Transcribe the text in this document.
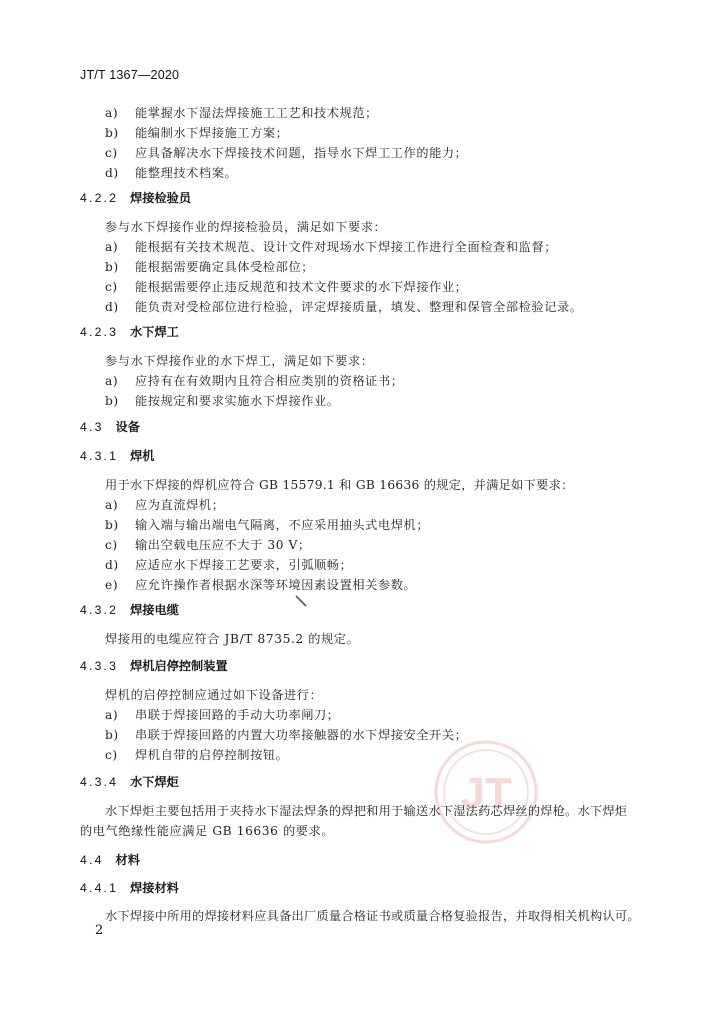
JT/T 1367—2020
a) 能掌握水下湿法焊接施工工艺和技术规范；
b) 能编制水下焊接施工方案；
c) 应具备解决水下焊接技术问题，指导水下焊工工作的能力；
d) 能整理技术档案。
4.2.2 焊接检验员
参与水下焊接作业的焊接检验员，满足如下要求：
a) 能根据有关技术规范、设计文件对现场水下焊接工作进行全面检查和监督；
b) 能根据需要确定具体受检部位；
c) 能根据需要停止违反规范和技术文件要求的水下焊接作业；
d) 能负责对受检部位进行检验，评定焊接质量，填发、整理和保管全部检验记录。
4.2.3 水下焊工
参与水下焊接作业的水下焊工，满足如下要求：
a) 应持有在有效期内且符合相应类别的资格证书；
b) 能按规定和要求实施水下焊接作业。
4.3 设备
4.3.1 焊机
用于水下焊接的焊机应符合 GB 15579.1 和 GB 16636 的规定，并满足如下要求：
a) 应为直流焊机；
b) 输入端与输出端电气隔离，不应采用抽头式电焊机；
c) 输出空载电压应不大于 30 V；
d) 应适应水下焊接工艺要求，引弧顺畅；
e) 应允许操作者根据水深等环境因素设置相关参数。
4.3.2 焊接电缆
焊接用的电缆应符合 JB/T 8735.2 的规定。
4.3.3 焊机启停控制装置
焊机的启停控制应通过如下设备进行：
a) 串联于焊接回路的手动大功率闸刀；
b) 串联于焊接回路的内置大功率接触器的水下焊接安全开关；
c) 焊机自带的启停控制按钮。
JT
4.3.4 水下焊炬
水下焊炬主要包括用于夹持水下湿法焊条的焊把和用于输送水下湿法药芯焊丝的焊枪。水下焊炬
的电气绝缘性能应满足 GB 16636 的要求。
4.4 材料
4.4.1 焊接材料
水下焊接中所用的焊接材料应具备出厂质量合格证书或质量合格复验报告，并取得相关机构认可。
2
